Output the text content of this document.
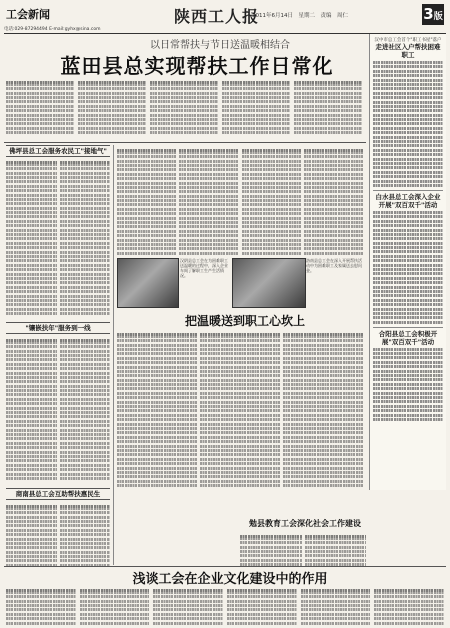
工会新闻	陕西工人报
2011年6月14日　星期二　责编　周仁	3版
电话:029-87294494 E-mail:gyhx@sina.com
以日常帮扶与节日送温暖相结合
蓝田县总实现帮扶工作日常化
佛坪县总工会服务农民工"接地气"
"镶嵌扶年"服务到一线
商南县总工会互助帮扶惠民生
汉阴县总工会在为困难职工送温暖的过程中，深入企业车间了解职工生产生活情况。
洛南县总工会在深入开展帮扶活动中为困难职工及家属送去慰问金。
把温暖送到职工心坎上
勉县教育工会深化社会工作建设
汉中市总工会首个"职工书屋"落户
走进社区入户帮扶困难职工
白水县总工会深入企业开展"双百双千"活动
合阳县总工会积极开展"双百双千"活动
浅谈工会在企业文化建设中的作用
